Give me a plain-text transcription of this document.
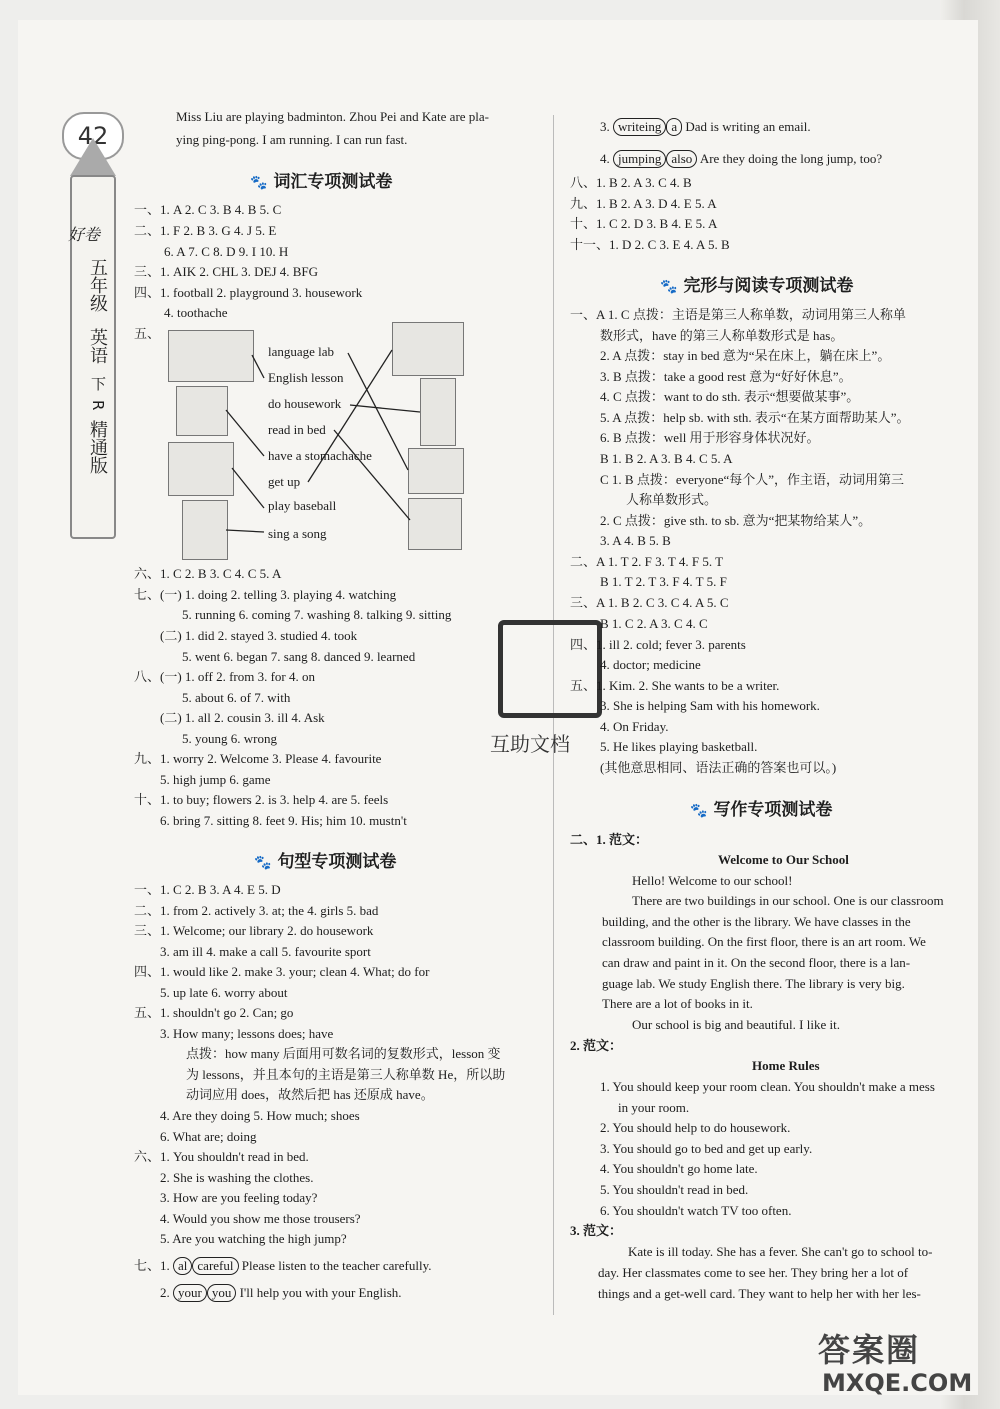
42
好卷
五年级
英语
下
R
精通版
Miss Liu are playing badminton. Zhou Pei and Kate are pla-
ying ping-pong. I am running. I can run fast.
🐾 词汇专项测试卷
一、1. A 2. C 3. B 4. B 5. C
二、1. F 2. B 3. G 4. J 5. E
6. A 7. C 8. D 9. I 10. H
三、1. AIK 2. CHL 3. DEJ 4. BFG
四、1. football 2. playground 3. housework
4. toothache
五、
language lab
English lesson
do housework
read in bed
have a stomachache
get up
play baseball
sing a song
六、1. C 2. B 3. C 4. C 5. A
七、(一) 1. doing 2. telling 3. playing 4. watching
5. running 6. coming 7. washing 8. talking 9. sitting
(二) 1. did 2. stayed 3. studied 4. took
5. went 6. began 7. sang 8. danced 9. learned
八、(一) 1. off 2. from 3. for 4. on
5. about 6. of 7. with
(二) 1. all 2. cousin 3. ill 4. Ask
5. young 6. wrong
九、1. worry 2. Welcome 3. Please 4. favourite
5. high jump 6. game
十、1. to buy; flowers 2. is 3. help 4. are 5. feels
6. bring 7. sitting 8. feet 9. His; him 10. mustn't
🐾 句型专项测试卷
一、1. C 2. B 3. A 4. E 5. D
二、1. from 2. actively 3. at; the 4. girls 5. bad
三、1. Welcome; our library 2. do housework
3. am ill 4. make a call 5. favourite sport
四、1. would like 2. make 3. your; clean 4. What; do for
5. up late 6. worry about
五、1. shouldn't go 2. Can; go
3. How many; lessons does; have
点拨：how many 后面用可数名词的复数形式，lesson 变
为 lessons，并且本句的主语是第三人称单数 He，所以助
动词应用 does，故然后把 has 还原成 have。
4. Are they doing 5. How much; shoes
6. What are; doing
六、1. You shouldn't read in bed.
2. She is washing the clothes.
3. How are you feeling today?
4. Would you show me those trousers?
5. Are you watching the high jump?
七、1. al careful Please listen to the teacher carefully.
2. your you I'll help you with your English.
互助文档
3. writeing a Dad is writing an email.
4. jumping also Are they doing the long jump, too?
八、1. B 2. A 3. C 4. B
九、1. B 2. A 3. D 4. E 5. A
十、1. C 2. D 3. B 4. E 5. A
十一、1. D 2. C 3. E 4. A 5. B
🐾 完形与阅读专项测试卷
一、A 1. C 点拨：主语是第三人称单数，动词用第三人称单
数形式，have 的第三人称单数形式是 has。
2. A 点拨：stay in bed 意为“呆在床上，躺在床上”。
3. B 点拨：take a good rest 意为“好好休息”。
4. C 点拨：want to do sth. 表示“想要做某事”。
5. A 点拨：help sb. with sth. 表示“在某方面帮助某人”。
6. B 点拨：well 用于形容身体状况好。
B 1. B 2. A 3. B 4. C 5. A
C 1. B 点拨：everyone“每个人”，作主语，动词用第三
人称单数形式。
2. C 点拨：give sth. to sb. 意为“把某物给某人”。
3. A 4. B 5. B
二、A 1. T 2. F 3. T 4. F 5. T
B 1. T 2. T 3. F 4. T 5. F
三、A 1. B 2. C 3. C 4. A 5. C
B 1. C 2. A 3. C 4. C
四、1. ill 2. cold; fever 3. parents
4. doctor; medicine
五、1. Kim. 2. She wants to be a writer.
3. She is helping Sam with his homework.
4. On Friday.
5. He likes playing basketball.
(其他意思相同、语法正确的答案也可以。)
🐾 写作专项测试卷
二、1. 范文：
Welcome to Our School
Hello! Welcome to our school!
There are two buildings in our school. One is our classroom
building, and the other is the library. We have classes in the
classroom building. On the first floor, there is an art room. We
can draw and paint in it. On the second floor, there is a lan-
guage lab. We study English there. The library is very big.
There are a lot of books in it.
Our school is big and beautiful. I like it.
2. 范文：
Home Rules
1. You should keep your room clean. You shouldn't make a mess
in your room.
2. You should help to do housework.
3. You should go to bed and get up early.
4. You shouldn't go home late.
5. You shouldn't read in bed.
6. You shouldn't watch TV too often.
3. 范文：
Kate is ill today. She has a fever. She can't go to school to-
day. Her classmates come to see her. They bring her a lot of
things and a get-well card. They want to help her with her les-
答案圈
MXQE.COM
